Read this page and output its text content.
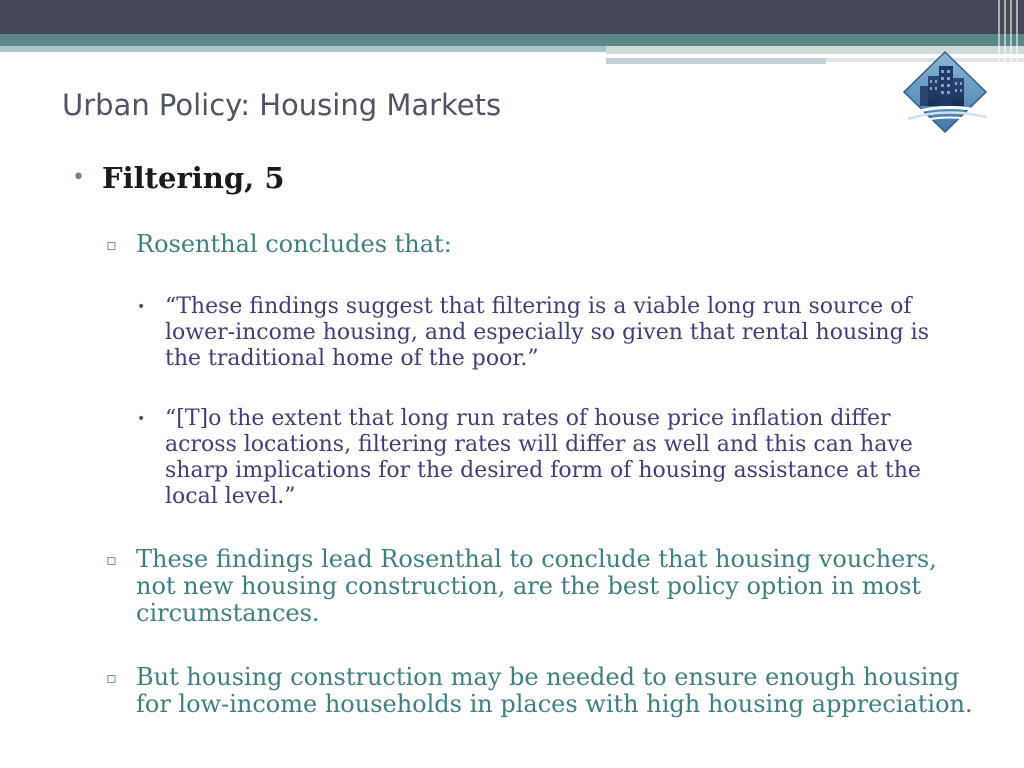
Urban Policy: Housing Markets
• Filtering, 5

▫ Rosenthal concludes that:

• “These findings suggest that filtering is a viable long run source of lower-income housing, and especially so given that rental housing is the traditional home of the poor.”

• “[T]o the extent that long run rates of house price inflation differ across locations, filtering rates will differ as well and this can have sharp implications for the desired form of housing assistance at the local level.”

▫ These findings lead Rosenthal to conclude that housing vouchers, not new housing construction, are the best policy option in most circumstances.

▫ But housing construction may be needed to ensure enough housing for low-income households in places with high housing appreciation.
